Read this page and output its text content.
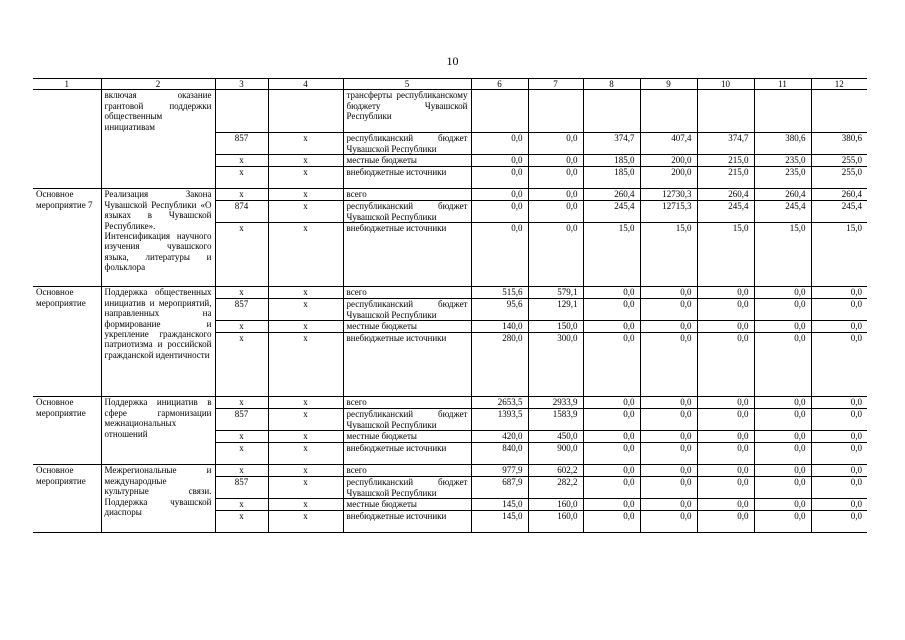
10
1	2	3	4	5	6	7	8	9	10	11	12
	включая оказание грантовой поддержки общественным инициативам			трансферты республиканскому бюджету Чувашской Республики							
		857	x	республиканский бюджет Чувашской Республики	0,0	0,0	374,7	407,4	374,7	380,6	380,6
		x	x	местные бюджеты	0,0	0,0	185,0	200,0	215,0	235,0	255,0
		x	x	внебюджетные источники	0,0	0,0	185,0	200,0	215,0	235,0	255,0
Основное мероприятие 7	Реализация Закона Чувашской Республики «О языках в Чувашской Республике». Интенсификация научного изучения чувашского языка, литературы и фольклора	x	x	всего	0,0	0,0	260,4	12730,3	260,4	260,4	260,4
		874	x	республиканский бюджет Чувашской Республики	0,0	0,0	245,4	12715,3	245,4	245,4	245,4
		x	x	внебюджетные источники	0,0	0,0	15,0	15,0	15,0	15,0	15,0
Основное мероприятие	Поддержка общественных инициатив и мероприятий, направленных на формирование и укрепление гражданского патриотизма и российской гражданской идентичности	x	x	всего	515,6	579,1	0,0	0,0	0,0	0,0	0,0
		857	x	республиканский бюджет Чувашской Республики	95,6	129,1	0,0	0,0	0,0	0,0	0,0
		x	x	местные бюджеты	140,0	150,0	0,0	0,0	0,0	0,0	0,0
		x	x	внебюджетные источники	280,0	300,0	0,0	0,0	0,0	0,0	0,0
Основное мероприятие	Поддержка инициатив в сфере гармонизации межнациональных отношений	x	x	всего	2653,5	2933,9	0,0	0,0	0,0	0,0	0,0
		857	x	республиканский бюджет Чувашской Республики	1393,5	1583,9	0,0	0,0	0,0	0,0	0,0
		x	x	местные бюджеты	420,0	450,0	0,0	0,0	0,0	0,0	0,0
		x	x	внебюджетные источники	840,0	900,0	0,0	0,0	0,0	0,0	0,0
Основное мероприятие	Межрегиональные и международные культурные связи. Поддержка чувашской диаспоры	x	x	всего	977,9	602,2	0,0	0,0	0,0	0,0	0,0
		857	x	республиканский бюджет Чувашской Республики	687,9	282,2	0,0	0,0	0,0	0,0	0,0
		x	x	местные бюджеты	145,0	160,0	0,0	0,0	0,0	0,0	0,0
		x	x	внебюджетные источники	145,0	160,0	0,0	0,0	0,0	0,0	0,0
